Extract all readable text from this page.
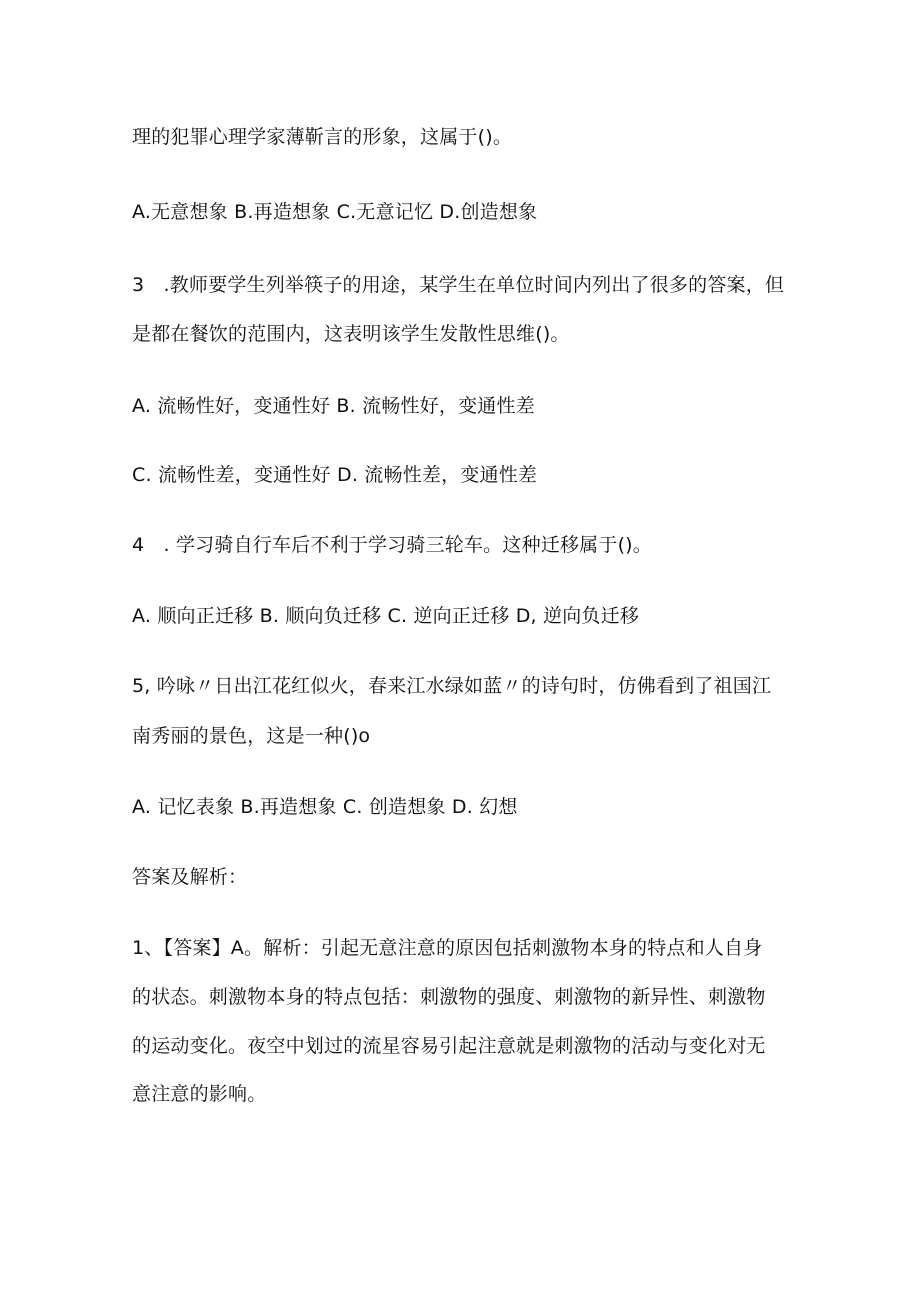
理的犯罪心理学家薄靳言的形象，这属于()。
A.无意想象 B.再造想象 C.无意记忆 D.创造想象
3　.教师要学生列举筷子的用途，某学生在单位时间内列出了很多的答案，但
是都在餐饮的范围内，这表明该学生发散性思维()。
A. 流畅性好，变通性好 B. 流畅性好，变通性差
C. 流畅性差，变通性好 D. 流畅性差，变通性差
4　. 学习骑自行车后不利于学习骑三轮车。这种迁移属于()。
A. 顺向正迁移 B. 顺向负迁移 C. 逆向正迁移 D, 逆向负迁移
5, 吟咏〃日出江花红似火，春来江水绿如蓝〃的诗句时，仿佛看到了祖国江
南秀丽的景色，这是一种()o
A. 记忆表象 B.再造想象 C. 创造想象 D. 幻想
答案及解析：
1、【答案】A。解析：引起无意注意的原因包括刺激物本身的特点和人自身
的状态。刺激物本身的特点包括：刺激物的强度、刺激物的新异性、刺激物
的运动变化。夜空中划过的流星容易引起注意就是刺激物的活动与变化对无
意注意的影响。
